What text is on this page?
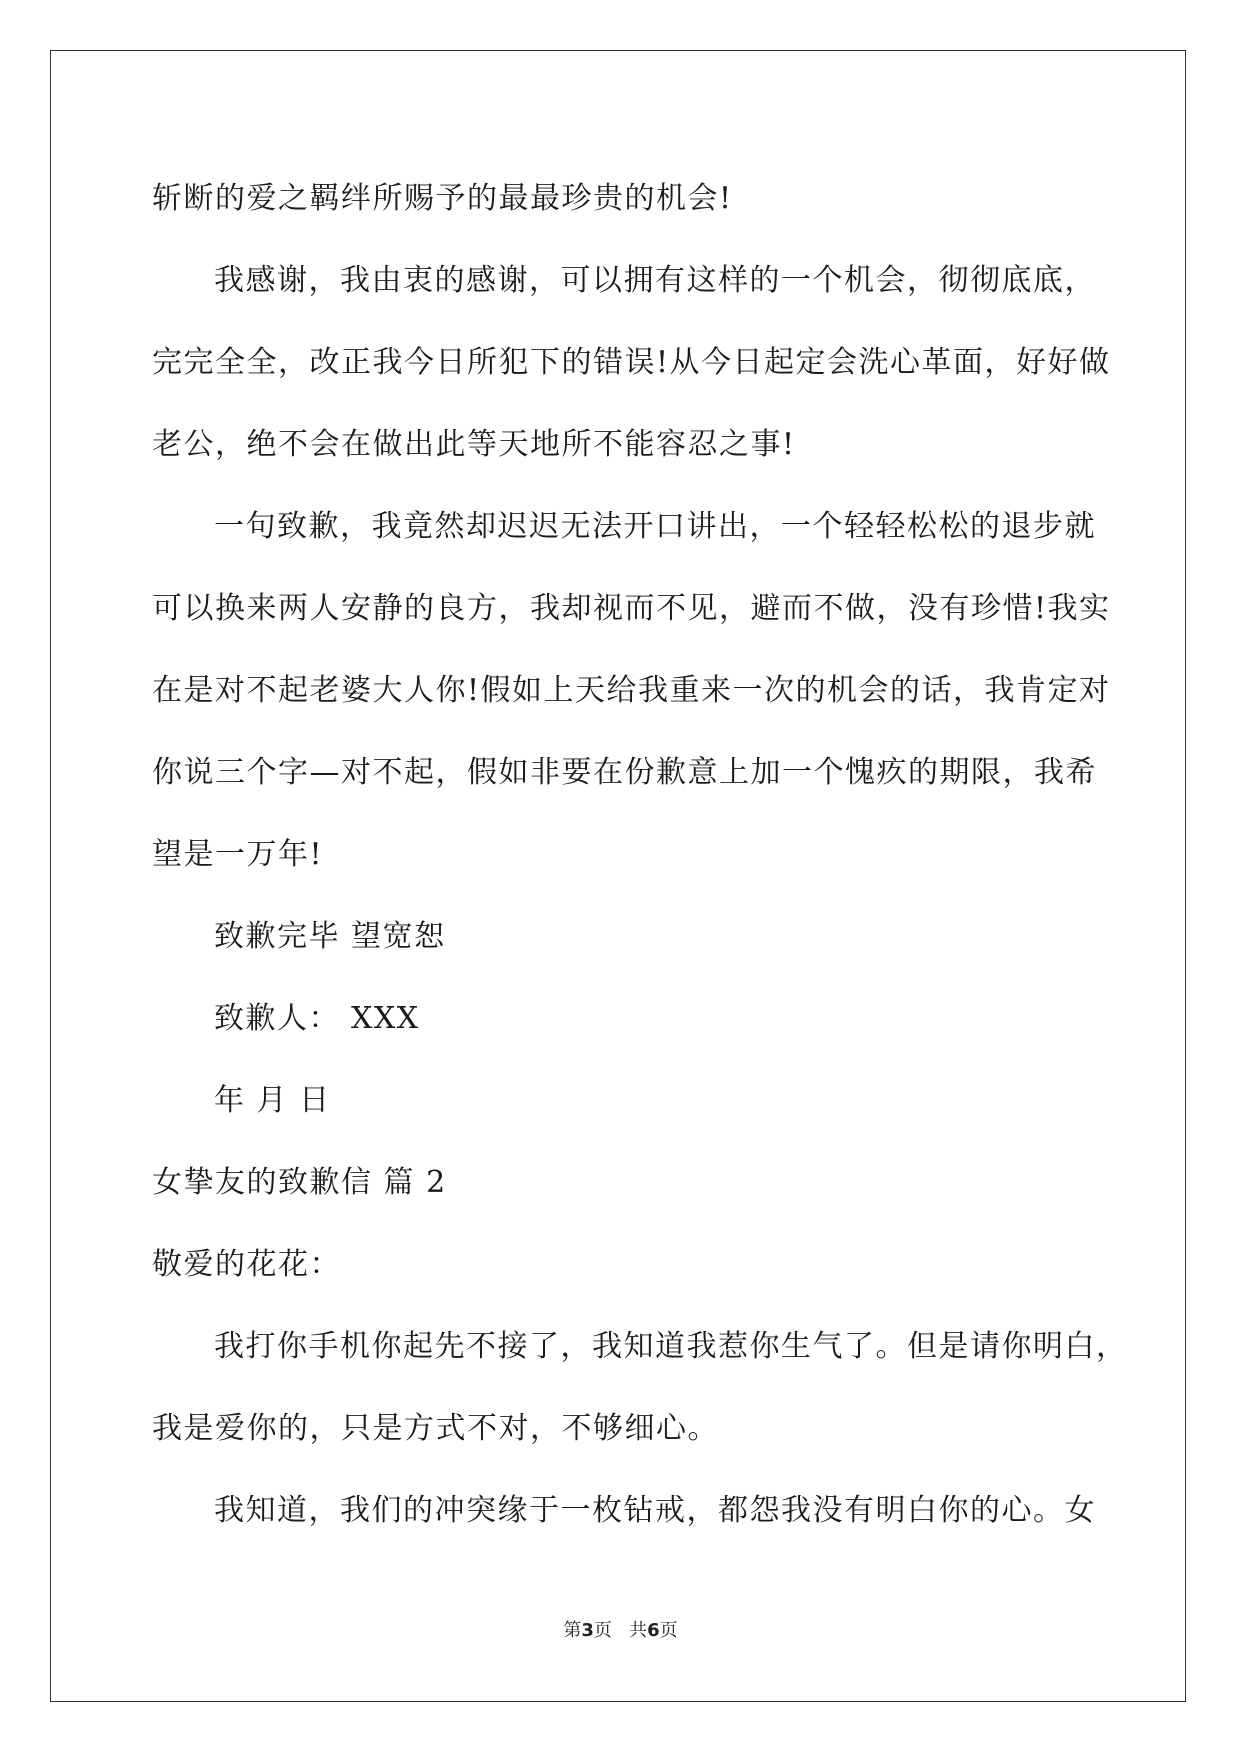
斩断的爱之羁绊所赐予的最最珍贵的机会!
我感谢，我由衷的感谢，可以拥有这样的一个机会，彻彻底底，
完完全全，改正我今日所犯下的错误!从今日起定会洗心革面，好好做
老公，绝不会在做出此等天地所不能容忍之事!
一句致歉，我竟然却迟迟无法开口讲出，一个轻轻松松的退步就
可以换来两人安静的良方，我却视而不见，避而不做，没有珍惜!我实
在是对不起老婆大人你!假如上天给我重来一次的机会的话，我肯定对
你说三个字—对不起，假如非要在份歉意上加一个愧疚的期限，我希
望是一万年!
致歉完毕 望宽恕
致歉人： XXX
年 月 日
女挚友的致歉信 篇 2
敬爱的花花：
我打你手机你起先不接了，我知道我惹你生气了。但是请你明白，
我是爱你的，只是方式不对，不够细心。
我知道，我们的冲突缘于一枚钻戒，都怨我没有明白你的心。女
第3页 共6页
